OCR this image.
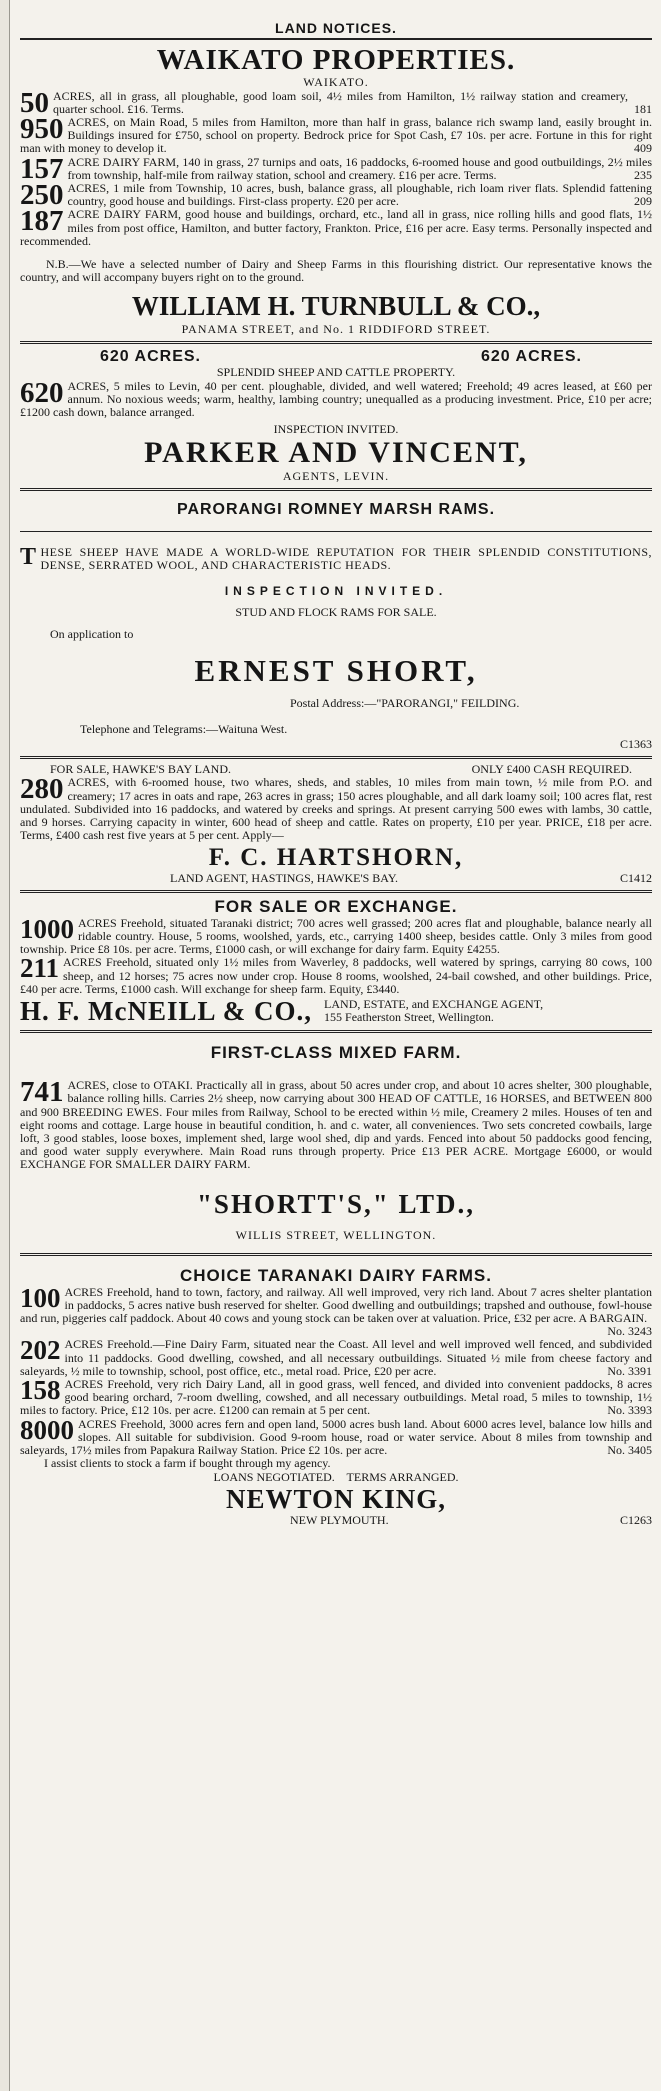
LAND NOTICES.
WAIKATO PROPERTIES.
WAIKATO.
50	181
ACRES, all in grass, all ploughable, good loam soil, 4½ miles from Hamilton, 1½ railway station and creamery, quarter school. £16. Terms.
950 ACRES, on Main Road, 5 miles from Hamilton, more than half in grass, balance rich swamp land, easily brought in. Buildings insured for £750, school on property. Bedrock price for Spot Cash, £7 10s. per acre. Fortune in this for right man with money to develop it.	409
157 ACRE DAIRY FARM, 140 in grass, 27 turnips and oats, 16 paddocks, 6-roomed house and good outbuildings, 2½ miles from township, half-mile from railway station, school and creamery. £16 per acre. Terms.	235
250 ACRES, 1 mile from Township, 10 acres, bush, balance grass, all ploughable, rich loam river flats. Splendid fattening country, good house and buildings. First-class property. £20 per acre.	209
187 ACRE DAIRY FARM, good house and buildings, orchard, etc., land all in grass, nice rolling hills and good flats, 1½ miles from post office, Hamilton, and butter factory, Frankton. Price, £16 per acre. Easy terms. Personally inspected and recommended.
N.B.—We have a selected number of Dairy and Sheep Farms in this flourishing district. Our representative knows the country, and will accompany buyers right on to the ground.
WILLIAM H. TURNBULL & CO.,
PANAMA STREET, and No. 1 RIDDIFORD STREET.
620 ACRES.	620 ACRES.
SPLENDID SHEEP AND CATTLE PROPERTY.
620 ACRES, 5 miles to Levin, 40 per cent. ploughable, divided, and well watered; Freehold; 49 acres leased, at £60 per annum. No noxious weeds; warm, healthy, lambing country; unequalled as a producing investment. Price, £10 per acre; £1200 cash down, balance arranged.
INSPECTION INVITED.
PARKER AND VINCENT,
AGENTS, LEVIN.
PARORANGI ROMNEY MARSH RAMS.
T HESE SHEEP HAVE MADE A WORLD-WIDE REPUTATION FOR THEIR SPLENDID CONSTITUTIONS, DENSE, SERRATED WOOL, AND CHARACTERISTIC HEADS.
INSPECTION INVITED.
STUD AND FLOCK RAMS FOR SALE.
On application to
ERNEST SHORT,
Postal Address:—"PARORANGI," FEILDING.
Telephone and Telegrams:—Waituna West.
C1363
FOR SALE, HAWKE'S BAY LAND.	ONLY £400 CASH REQUIRED.
280 ACRES, with 6-roomed house, two whares, sheds, and stables, 10 miles from main town, ½ mile from P.O. and creamery; 17 acres in oats and rape, 263 acres in grass; 150 acres ploughable, and all dark loamy soil; 100 acres flat, rest undulated. Subdivided into 16 paddocks, and watered by creeks and springs. At present carrying 500 ewes with lambs, 30 cattle, and 9 horses. Carrying capacity in winter, 600 head of sheep and cattle. Rates on property, £10 per year. PRICE, £18 per acre. Terms, £400 cash rest five years at 5 per cent. Apply—
F. C. HARTSHORN,
LAND AGENT, HASTINGS, HAWKE'S BAY.	C1412
FOR SALE OR EXCHANGE.
1000 ACRES Freehold, situated Taranaki district; 700 acres well grassed; 200 acres flat and ploughable, balance nearly all ridable country. House, 5 rooms, woolshed, yards, etc., carrying 1400 sheep, besides cattle. Only 3 miles from good township. Price £8 10s. per acre. Terms, £1000 cash, or will exchange for dairy farm. Equity £4255.
211 ACRES Freehold, situated only 1½ miles from Waverley, 8 paddocks, well watered by springs, carrying 80 cows, 100 sheep, and 12 horses; 75 acres now under crop. House 8 rooms, woolshed, 24-bail cowshed, and other buildings. Price, £40 per acre. Terms, £1000 cash. Will exchange for sheep farm. Equity, £3440.
H. F. McNEILL & CO., LAND, ESTATE, and EXCHANGE AGENT,
155 Featherston Street, Wellington.
FIRST-CLASS MIXED FARM.
741 ACRES, close to OTAKI. Practically all in grass, about 50 acres under crop, and about 10 acres shelter, 300 ploughable, balance rolling hills. Carries 2½ sheep, now carrying about 300 HEAD OF CATTLE, 16 HORSES, and BETWEEN 800 and 900 BREEDING EWES. Four miles from Railway, School to be erected within ½ mile, Creamery 2 miles. Houses of ten and eight rooms and cottage. Large house in beautiful condition, h. and c. water, all conveniences. Two sets concreted cowbails, large loft, 3 good stables, loose boxes, implement shed, large wool shed, dip and yards. Fenced into about 50 paddocks good fencing, and good water supply everywhere. Main Road runs through property. Price £13 PER ACRE. Mortgage £6000, or would EXCHANGE FOR SMALLER DAIRY FARM.
"SHORTT'S," LTD.,
WILLIS STREET, WELLINGTON.
CHOICE TARANAKI DAIRY FARMS.
100 ACRES Freehold, hand to town, factory, and railway. All well improved, very rich land. About 7 acres shelter plantation in paddocks, 5 acres native bush reserved for shelter. Good dwelling and outbuildings; trapshed and outhouse, fowl-house and run, piggeries calf paddock. About 40 cows and young stock can be taken over at valuation. Price, £32 per acre. A BARGAIN.
No. 3243
202 ACRES Freehold.—Fine Dairy Farm, situated near the Coast. All level and well improved well fenced, and subdivided into 11 paddocks. Good dwelling, cowshed, and all necessary outbuildings. Situated ½ mile from cheese factory and saleyards, ½ mile to township, school, post office, etc., metal road. Price, £20 per acre.	No. 3391
158 ACRES Freehold, very rich Dairy Land, all in good grass, well fenced, and divided into convenient paddocks, 8 acres good bearing orchard, 7-room dwelling, cowshed, and all necessary outbuildings. Metal road, 5 miles to township, 1½ miles to factory. Price, £12 10s. per acre. £1200 can remain at 5 per cent.	No. 3393
8000 ACRES Freehold, 3000 acres fern and open land, 5000 acres bush land. About 6000 acres level, balance low hills and slopes. All suitable for subdivision. Good 9-room house, road or water service. About 8 miles from township and saleyards, 17½ miles from Papakura Railway Station. Price £2 10s. per acre.	No. 3405
I assist clients to stock a farm if bought through my agency.
LOANS NEGOTIATED.    TERMS ARRANGED.
NEWTON KING,
NEW PLYMOUTH.	C1263
